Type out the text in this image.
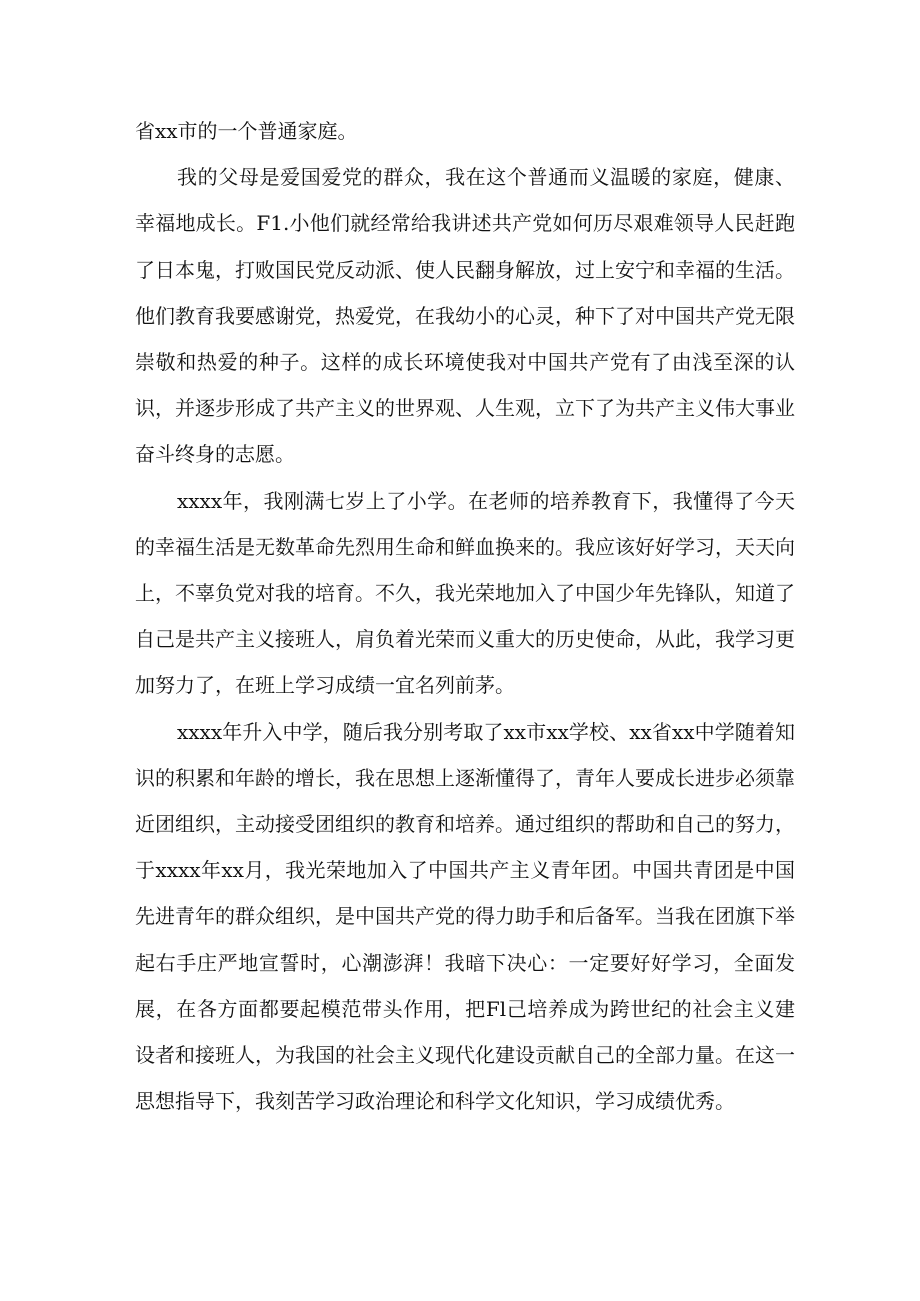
省xx市的一个普通家庭。

我的父母是爱国爱党的群众，我在这个普通而义温暖的家庭，健康、幸福地成长。F1.小他们就经常给我讲述共产党如何历尽艰难领导人民赶跑了日本鬼，打败国民党反动派、使人民翻身解放，过上安宁和幸福的生活。他们教育我要感谢党，热爱党，在我幼小的心灵，种下了对中国共产党无限崇敬和热爱的种子。这样的成长环境使我对中国共产党有了由浅至深的认识，并逐步形成了共产主义的世界观、人生观，立下了为共产主义伟大事业奋斗终身的志愿。

xxxx年，我刚满七岁上了小学。在老师的培养教育下，我懂得了今天的幸福生活是无数革命先烈用生命和鲜血换来的。我应该好好学习，天天向上，不辜负党对我的培育。不久，我光荣地加入了中国少年先锋队，知道了自己是共产主义接班人，肩负着光荣而义重大的历史使命，从此，我学习更加努力了，在班上学习成绩一宜名列前茅。

xxxx年升入中学，随后我分别考取了xx市xx学校、xx省xx中学随着知识的积累和年龄的增长，我在思想上逐渐懂得了，青年人要成长进步必须靠近团组织，主动接受团组织的教育和培养。通过组织的帮助和自己的努力，于xxxx年xx月，我光荣地加入了中国共产主义青年团。中国共青团是中国先进青年的群众组织，是中国共产党的得力助手和后备军。当我在团旗下举起右手庄严地宣誓时，心潮澎湃！我暗下决心：一定要好好学习，全面发展，在各方面都要起模范带头作用，把Fl己培养成为跨世纪的社会主义建设者和接班人，为我国的社会主义现代化建设贡献自己的全部力量。在这一思想指导下，我刻苦学习政治理论和科学文化知识，学习成绩优秀。
